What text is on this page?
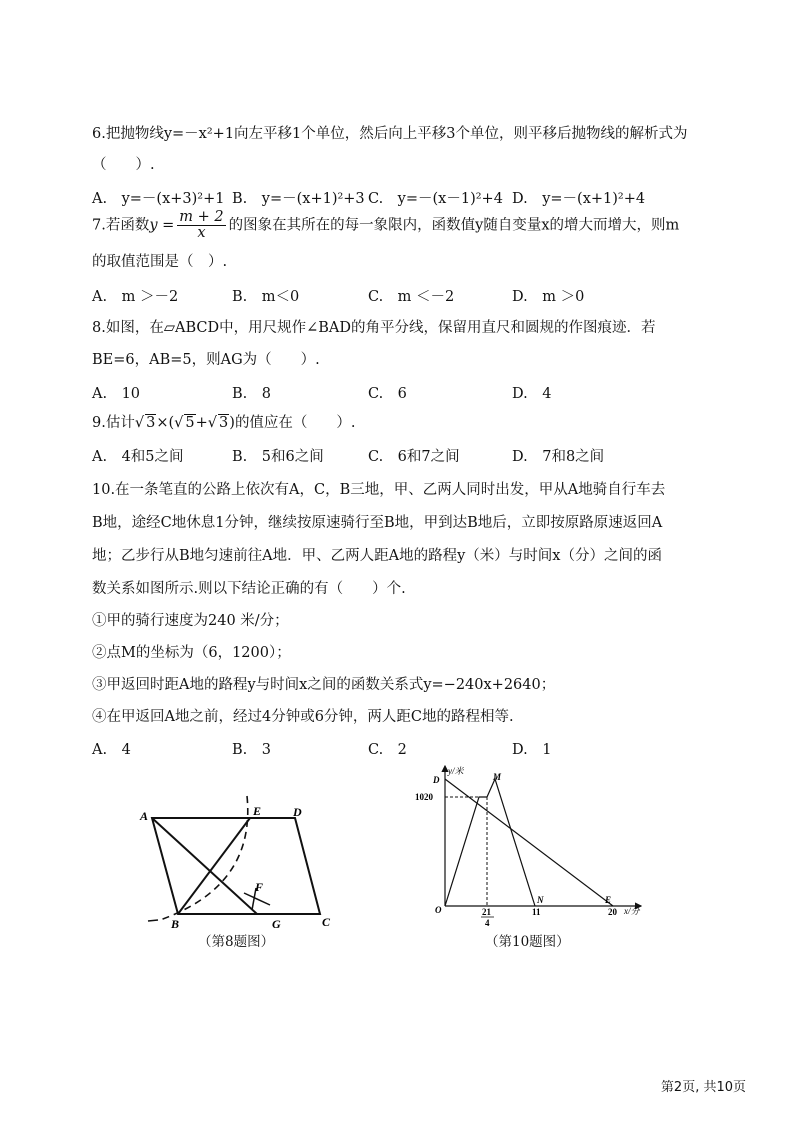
6.把抛物线y=－x²+1向左平移1个单位，然后向上平移3个单位，则平移后抛物线的解析式为
（　　）.
A.　y=－(x+3)²+1 B.　y=－(x+1)²+3 C.　y=－(x－1)²+4 D.　y=－(x+1)²+4
7.若函数$y = \frac{m + 2}{x}$ 的图象在其所在的每一象限内，函数值y随自变量x的增大而增大，则m
的取值范围是（　）.
A.　m ＞－2	B.　m＜0	C.　m ＜－2	D.　m ＞0
8.如图，在▱ABCD中，用尺规作∠BAD的角平分线，保留用直尺和圆规的作图痕迹．若
BE=6，AB=5，则AG为（　　）.
A.　10	B.　8	C.　6	D.　4
9.估计√ 3×(√ 5+√ 3)的值应在（　　）.
A.　4和5之间	B.　5和6之间	C.　6和7之间	D.　7和8之间
10.在一条笔直的公路上依次有A，C，B三地，甲、乙两人同时出发，甲从A地骑自行车去
B地，途经C地休息1分钟，继续按原速骑行至B地，甲到达B地后，立即按原路原速返回A
地；乙步行从B地匀速前往A地．甲、乙两人距A地的路程y（米）与时间x（分）之间的函
数关系如图所示.则以下结论正确的有（　　）个.
①甲的骑行速度为240 米/分；
②点M的坐标为（6，1200）；
③甲返回时距A地的路程y与时间x之间的函数关系式y=−240x+2640；
④在甲返回A地之前，经过4分钟或6分钟，两人距C地的路程相等.
A.　4	B.　3	C.　2	D.　1
A	E	D
F
B	G	C
（第8题图）
y/米
x/分
D	M
1020
O
N	E
11	20
21
4
（第10题图）
第2页, 共10页
